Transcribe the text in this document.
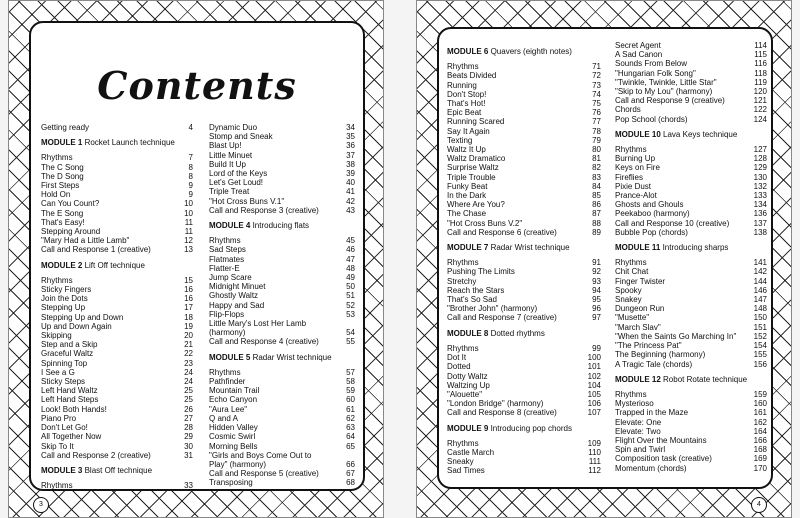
Contents
Getting ready	4
MODULE 1 Rocket Launch technique
Rhythms	7
The C Song	8
The D Song	8
First Steps	9
Hold On	9
Can You Count?	10
The E Song	10
That's Easy!	11
Stepping Around	11
"Mary Had a Little Lamb"	12
Call and Response 1 (creative)	13
MODULE 2 Lift Off technique
Rhythms	15
Sticky Fingers	16
Join the Dots	16
Stepping Up	17
Stepping Up and Down	18
Up and Down Again	19
Skipping	20
Step and a Skip	21
Graceful Waltz	22
Spinning Top	23
I See a G	24
Sticky Steps	24
Left Hand Waltz	25
Left Hand Steps	25
Look! Both Hands!	26
Piano Pro	27
Don't Let Go!	28
All Together Now	29
Skip To It	30
Call and Response 2 (creative)	31
MODULE 3 Blast Off technique
Rhythms	33
Dynamic Duo	34
Stomp and Sneak	35
Blast Up!	36
Little Minuet	37
Build It Up	38
Lord of the Keys	39
Let's Get Loud!	40
Triple Treat	41
"Hot Cross Buns V.1"	42
Call and Response 3 (creative)	43
MODULE 4 Introducing flats
Rhythms	45
Sad Steps	46
Flatmates	47
Flatter-E	48
Jump Scare	49
Midnight Minuet	50
Ghostly Waltz	51
Happy and Sad	52
Flip-Flops	53
Little Mary's Lost Her Lamb
(harmony)	54
Call and Response 4 (creative)	55
MODULE 5 Radar Wrist technique
Rhythms	57
Pathfinder	58
Mountain Trail	59
Echo Canyon	60
"Aura Lee"	61
Q and A	62
Hidden Valley	63
Cosmic Swirl	64
Morning Bells	65
"Girls and Boys Come Out to
Play" (harmony)	66
Call and Response 5 (creative)	67
Transposing	68
3
MODULE 6 Quavers (eighth notes)
Rhythms	71
Beats Divided	72
Running	73
Don't Stop!	74
That's Hot!	75
Epic Beat	76
Running Scared	77
Say It Again	78
Texting	79
Waltz It Up	80
Waltz Dramatico	81
Surprise Waltz	82
Triple Trouble	83
Funky Beat	84
In the Dark	85
Where Are You?	86
The Chase	87
"Hot Cross Buns V.2"	88
Call and Response 6 (creative)	89
MODULE 7 Radar Wrist technique
Rhythms	91
Pushing The Limits	92
Stretchy	93
Reach the Stars	94
That's So Sad	95
"Brother John" (harmony)	96
Call and Response 7 (creative)	97
MODULE 8 Dotted rhythms
Rhythms	99
Dot It	100
Dotted	101
Dotty Waltz	102
Waltzing Up	104
"Alouette"	105
"London Bridge" (harmony)	106
Call and Response 8 (creative)	107
MODULE 9 Introducing pop chords
Rhythms	109
Castle March	110
Sneaky	111
Sad Times	112
Secret Agent	114
A Sad Canon	115
Sounds From Below	116
"Hungarian Folk Song"	118
"Twinkle, Twinkle, Little Star"	119
"Skip to My Lou" (harmony)	120
Call and Response 9 (creative)	121
Chords	122
Pop School (chords)	124
MODULE 10 Lava Keys technique
Rhythms	127
Burning Up	128
Keys on Fire	129
Fireflies	130
Pixie Dust	132
Prance-Alot	133
Ghosts and Ghouls	134
Peekaboo (harmony)	136
Call and Response 10 (creative)	137
Bubble Pop (chords)	138
MODULE 11 Introducing sharps
Rhythms	141
Chit Chat	142
Finger Twister	144
Spooky	146
Snakey	147
Dungeon Run	148
"Musette"	150
"March Slav"	151
"When the Saints Go Marching In"	152
"The Princess Pat"	154
The Beginning (harmony)	155
A Tragic Tale (chords)	156
MODULE 12 Robot Rotate technique
Rhythms	159
Mysterioso	160
Trapped in the Maze	161
Elevate: One	162
Elevate: Two	164
Flight Over the Mountains	166
Spin and Twirl	168
Composition task (creative)	169
Momentum (chords)	170
4
